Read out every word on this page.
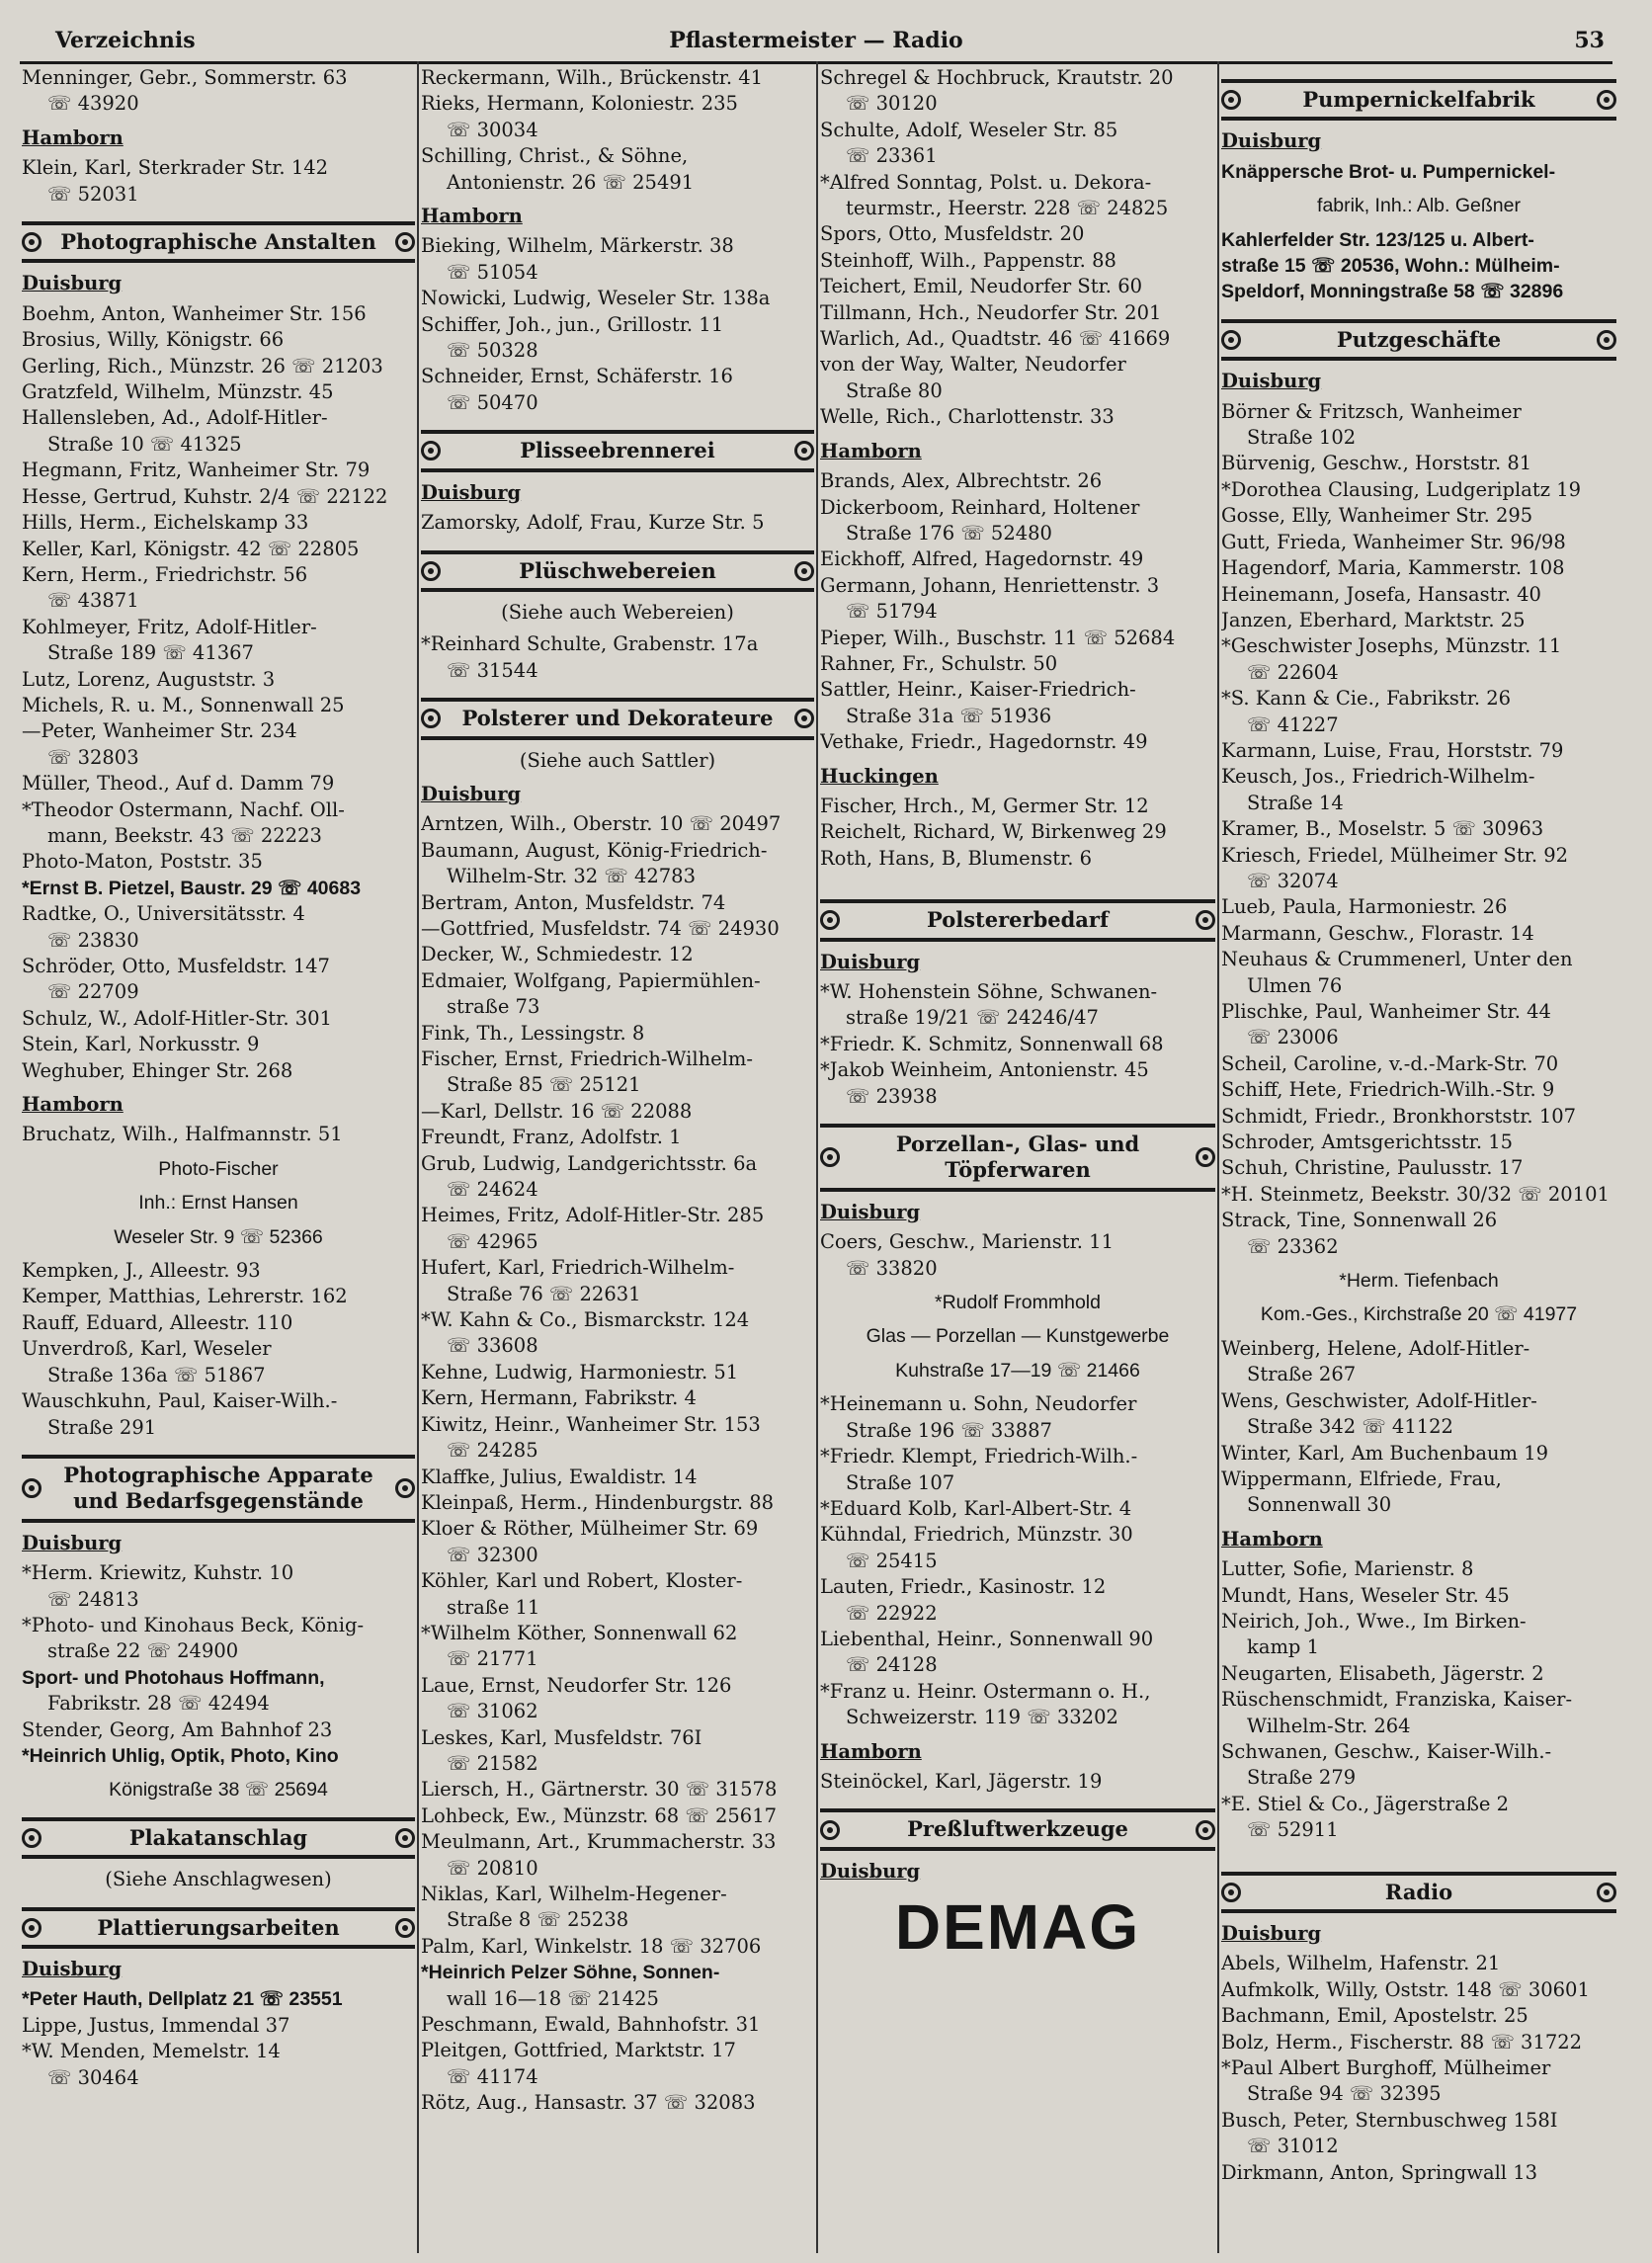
Verzeichnis	Pflastermeister — Radio	53
Menninger, Gebr., Sommerstr. 63
☏ 43920
Hamborn
Klein, Karl, Sterkrader Str. 142
☏ 52031
Photographische Anstalten
Duisburg
Boehm, Anton, Wanheimer Str. 156
Brosius, Willy, Königstr. 66
Gerling, Rich., Münzstr. 26 ☏ 21203
Gratzfeld, Wilhelm, Münzstr. 45
Hallensleben, Ad., Adolf-Hitler-
Straße 10 ☏ 41325
Hegmann, Fritz, Wanheimer Str. 79
Hesse, Gertrud, Kuhstr. 2/4 ☏ 22122
Hills, Herm., Eichelskamp 33
Keller, Karl, Königstr. 42 ☏ 22805
Kern, Herm., Friedrichstr. 56
☏ 43871
Kohlmeyer, Fritz, Adolf-Hitler-
Straße 189 ☏ 41367
Lutz, Lorenz, Auguststr. 3
Michels, R. u. M., Sonnenwall 25
—Peter, Wanheimer Str. 234
☏ 32803
Müller, Theod., Auf d. Damm 79
*Theodor Ostermann, Nachf. Oll-
mann, Beekstr. 43 ☏ 22223
Photo-Maton, Poststr. 35
*Ernst B. Pietzel, Baustr. 29 ☏ 40683
Radtke, O., Universitätsstr. 4
☏ 23830
Schröder, Otto, Musfeldstr. 147
☏ 22709
Schulz, W., Adolf-Hitler-Str. 301
Stein, Karl, Norkusstr. 9
Weghuber, Ehinger Str. 268
Hamborn
Bruchatz, Wilh., Halfmannstr. 51
Photo-Fischer
Inh.: Ernst Hansen
Weseler Str. 9 ☏ 52366
Kempken, J., Alleestr. 93
Kemper, Matthias, Lehrerstr. 162
Rauff, Eduard, Alleestr. 110
Unverdroß, Karl, Weseler
Straße 136a ☏ 51867
Wauschkuhn, Paul, Kaiser-Wilh.-
Straße 291
Photographische Apparate und Bedarfsgegenstände
Duisburg
*Herm. Kriewitz, Kuhstr. 10
☏ 24813
*Photo- und Kinohaus Beck, König-
straße 22 ☏ 24900
Sport- und Photohaus Hoffmann,
Fabrikstr. 28 ☏ 42494
Stender, Georg, Am Bahnhof 23
*Heinrich Uhlig, Optik, Photo, Kino
Königstraße 38 ☏ 25694
Plakatanschlag
(Siehe Anschlagwesen)
Plattierungsarbeiten
Duisburg
*Peter Hauth, Dellplatz 21 ☏ 23551
Lippe, Justus, Immendal 37
*W. Menden, Memelstr. 14
☏ 30464
Reckermann, Wilh., Brückenstr. 41
Rieks, Hermann, Koloniestr. 235
☏ 30034
Schilling, Christ., & Söhne,
Antonienstr. 26 ☏ 25491
Hamborn
Bieking, Wilhelm, Märkerstr. 38
☏ 51054
Nowicki, Ludwig, Weseler Str. 138a
Schiffer, Joh., jun., Grillostr. 11
☏ 50328
Schneider, Ernst, Schäferstr. 16
☏ 50470
Plisseebrennerei
Duisburg
Zamorsky, Adolf, Frau, Kurze Str. 5
Plüschwebereien
(Siehe auch Webereien)
*Reinhard Schulte, Grabenstr. 17a
☏ 31544
Polsterer und Dekorateure
(Siehe auch Sattler)
Duisburg
Arntzen, Wilh., Oberstr. 10 ☏ 20497
Baumann, August, König-Friedrich-
Wilhelm-Str. 32 ☏ 42783
Bertram, Anton, Musfeldstr. 74
—Gottfried, Musfeldstr. 74 ☏ 24930
Decker, W., Schmiedestr. 12
Edmaier, Wolfgang, Papiermühlen-
straße 73
Fink, Th., Lessingstr. 8
Fischer, Ernst, Friedrich-Wilhelm-
Straße 85 ☏ 25121
—Karl, Dellstr. 16 ☏ 22088
Freundt, Franz, Adolfstr. 1
Grub, Ludwig, Landgerichtsstr. 6a
☏ 24624
Heimes, Fritz, Adolf-Hitler-Str. 285
☏ 42965
Hufert, Karl, Friedrich-Wilhelm-
Straße 76 ☏ 22631
*W. Kahn & Co., Bismarckstr. 124
☏ 33608
Kehne, Ludwig, Harmoniestr. 51
Kern, Hermann, Fabrikstr. 4
Kiwitz, Heinr., Wanheimer Str. 153
☏ 24285
Klaffke, Julius, Ewaldistr. 14
Kleinpaß, Herm., Hindenburgstr. 88
Kloer & Röther, Mülheimer Str. 69
☏ 32300
Köhler, Karl und Robert, Kloster-
straße 11
*Wilhelm Köther, Sonnenwall 62
☏ 21771
Laue, Ernst, Neudorfer Str. 126
☏ 31062
Leskes, Karl, Musfeldstr. 76I
☏ 21582
Liersch, H., Gärtnerstr. 30 ☏ 31578
Lohbeck, Ew., Münzstr. 68 ☏ 25617
Meulmann, Art., Krummacherstr. 33
☏ 20810
Niklas, Karl, Wilhelm-Hegener-
Straße 8 ☏ 25238
Palm, Karl, Winkelstr. 18 ☏ 32706
*Heinrich Pelzer Söhne, Sonnen-
wall 16—18 ☏ 21425
Peschmann, Ewald, Bahnhofstr. 31
Pleitgen, Gottfried, Marktstr. 17
☏ 41174
Rötz, Aug., Hansastr. 37 ☏ 32083
Schregel & Hochbruck, Krautstr. 20
☏ 30120
Schulte, Adolf, Weseler Str. 85
☏ 23361
*Alfred Sonntag, Polst. u. Dekora-
teurmstr., Heerstr. 228 ☏ 24825
Spors, Otto, Musfeldstr. 20
Steinhoff, Wilh., Pappenstr. 88
Teichert, Emil, Neudorfer Str. 60
Tillmann, Hch., Neudorfer Str. 201
Warlich, Ad., Quadtstr. 46 ☏ 41669
von der Way, Walter, Neudorfer
Straße 80
Welle, Rich., Charlottenstr. 33
Hamborn
Brands, Alex, Albrechtstr. 26
Dickerboom, Reinhard, Holtener
Straße 176 ☏ 52480
Eickhoff, Alfred, Hagedornstr. 49
Germann, Johann, Henriettenstr. 3
☏ 51794
Pieper, Wilh., Buschstr. 11 ☏ 52684
Rahner, Fr., Schulstr. 50
Sattler, Heinr., Kaiser-Friedrich-
Straße 31a ☏ 51936
Vethake, Friedr., Hagedornstr. 49
Huckingen
Fischer, Hrch., M, Germer Str. 12
Reichelt, Richard, W, Birkenweg 29
Roth, Hans, B, Blumenstr. 6
Polstererbedarf
Duisburg
*W. Hohenstein Söhne, Schwanen-
straße 19/21 ☏ 24246/47
*Friedr. K. Schmitz, Sonnenwall 68
*Jakob Weinheim, Antonienstr. 45
☏ 23938
Porzellan-, Glas- und Töpferwaren
Duisburg
Coers, Geschw., Marienstr. 11
☏ 33820
*Rudolf Frommhold
Glas — Porzellan — Kunstgewerbe
Kuhstraße 17—19 ☏ 21466
*Heinemann u. Sohn, Neudorfer
Straße 196 ☏ 33887
*Friedr. Klempt, Friedrich-Wilh.-
Straße 107
*Eduard Kolb, Karl-Albert-Str. 4
Kühndal, Friedrich, Münzstr. 30
☏ 25415
Lauten, Friedr., Kasinostr. 12
☏ 22922
Liebenthal, Heinr., Sonnenwall 90
☏ 24128
*Franz u. Heinr. Ostermann o. H.,
Schweizerstr. 119 ☏ 33202
Hamborn
Steinöckel, Karl, Jägerstr. 19
Preßluftwerkzeuge
Duisburg
DEMAG
Pumpernickelfabrik
Duisburg
Knäppersche Brot- u. Pumpernickel-
fabrik, Inh.: Alb. Geßner
Kahlerfelder Str. 123/125 u. Albert-
straße 15 ☏ 20536, Wohn.: Mülheim-
Speldorf, Monningstraße 58 ☏ 32896
Putzgeschäfte
Duisburg
Börner & Fritzsch, Wanheimer
Straße 102
Bürvenig, Geschw., Horststr. 81
*Dorothea Clausing, Ludgeriplatz 19
Gosse, Elly, Wanheimer Str. 295
Gutt, Frieda, Wanheimer Str. 96/98
Hagendorf, Maria, Kammerstr. 108
Heinemann, Josefa, Hansastr. 40
Janzen, Eberhard, Marktstr. 25
*Geschwister Josephs, Münzstr. 11
☏ 22604
*S. Kann & Cie., Fabrikstr. 26
☏ 41227
Karmann, Luise, Frau, Horststr. 79
Keusch, Jos., Friedrich-Wilhelm-
Straße 14
Kramer, B., Moselstr. 5 ☏ 30963
Kriesch, Friedel, Mülheimer Str. 92
☏ 32074
Lueb, Paula, Harmoniestr. 26
Marmann, Geschw., Florastr. 14
Neuhaus & Crummenerl, Unter den
Ulmen 76
Plischke, Paul, Wanheimer Str. 44
☏ 23006
Scheil, Caroline, v.-d.-Mark-Str. 70
Schiff, Hete, Friedrich-Wilh.-Str. 9
Schmidt, Friedr., Bronkhorststr. 107
Schroder, Amtsgerichtsstr. 15
Schuh, Christine, Paulusstr. 17
*H. Steinmetz, Beekstr. 30/32 ☏ 20101
Strack, Tine, Sonnenwall 26
☏ 23362
*Herm. Tiefenbach
Kom.-Ges., Kirchstraße 20 ☏ 41977
Weinberg, Helene, Adolf-Hitler-
Straße 267
Wens, Geschwister, Adolf-Hitler-
Straße 342 ☏ 41122
Winter, Karl, Am Buchenbaum 19
Wippermann, Elfriede, Frau,
Sonnenwall 30
Hamborn
Lutter, Sofie, Marienstr. 8
Mundt, Hans, Weseler Str. 45
Neirich, Joh., Wwe., Im Birken-
kamp 1
Neugarten, Elisabeth, Jägerstr. 2
Rüschenschmidt, Franziska, Kaiser-
Wilhelm-Str. 264
Schwanen, Geschw., Kaiser-Wilh.-
Straße 279
*E. Stiel & Co., Jägerstraße 2
☏ 52911
Radio
Duisburg
Abels, Wilhelm, Hafenstr. 21
Aufmkolk, Willy, Oststr. 148 ☏ 30601
Bachmann, Emil, Apostelstr. 25
Bolz, Herm., Fischerstr. 88 ☏ 31722
*Paul Albert Burghoff, Mülheimer
Straße 94 ☏ 32395
Busch, Peter, Sternbuschweg 158I
☏ 31012
Dirkmann, Anton, Springwall 13
